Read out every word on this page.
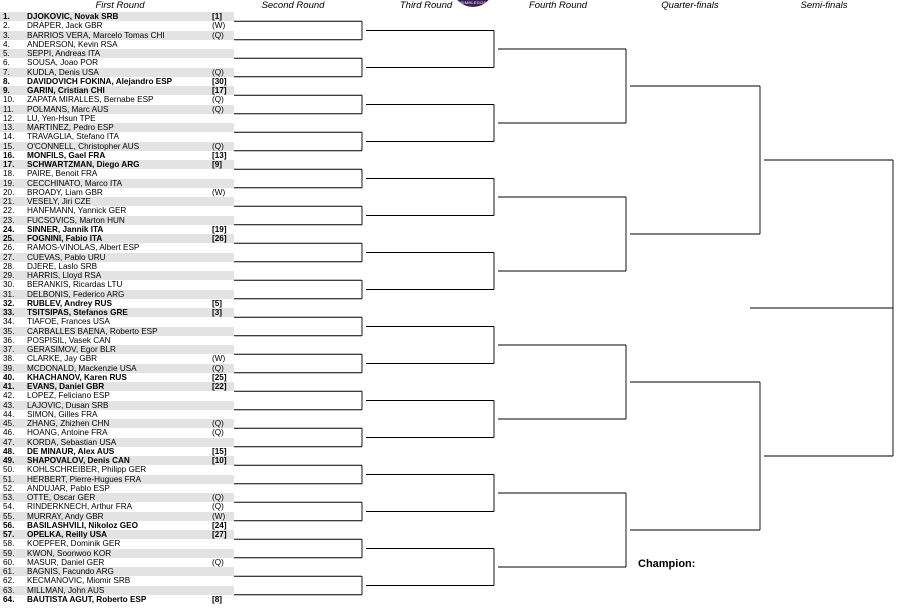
WIMBLEDON
First Round	Second Round	Third Round	Fourth Round	Quarter-finals	Semi-finals
1. DJOKOVIC, Novak SRB	[1]
2. DRAPER, Jack GBR	(W)
3. BARRIOS VERA, Marcelo Tomas CHI	(Q)
4. ANDERSON, Kevin RSA
5. SEPPI, Andreas ITA
6. SOUSA, Joao POR
7. KUDLA, Denis USA	(Q)
8. DAVIDOVICH FOKINA, Alejandro ESP	[30]
9. GARIN, Cristian CHI	[17]
10. ZAPATA MIRALLES, Bernabe ESP	(Q)
11. POLMANS, Marc AUS	(Q)
12. LU, Yen-Hsun TPE
13. MARTINEZ, Pedro ESP
14. TRAVAGLIA, Stefano ITA
15. O'CONNELL, Christopher AUS	(Q)
16. MONFILS, Gael FRA	[13]
17. SCHWARTZMAN, Diego ARG	[9]
18. PAIRE, Benoit FRA
19. CECCHINATO, Marco ITA
20. BROADY, Liam GBR	(W)
21. VESELY, Jiri CZE
22. HANFMANN, Yannick GER
23. FUCSOVICS, Marton HUN
24. SINNER, Jannik ITA	[19]
25. FOGNINI, Fabio ITA	[26]
26. RAMOS-VINOLAS, Albert ESP
27. CUEVAS, Pablo URU
28. DJERE, Laslo SRB
29. HARRIS, Lloyd RSA
30. BERANKIS, Ricardas LTU
31. DELBONIS, Federico ARG
32. RUBLEV, Andrey RUS	[5]
33. TSITSIPAS, Stefanos GRE	[3]
34. TIAFOE, Frances USA
35. CARBALLES BAENA, Roberto ESP
36. POSPISIL, Vasek CAN
37. GERASIMOV, Egor BLR
38. CLARKE, Jay GBR	(W)
39. MCDONALD, Mackenzie USA	(Q)
40. KHACHANOV, Karen RUS	[25]
41. EVANS, Daniel GBR	[22]
42. LOPEZ, Feliciano ESP
43. LAJOVIC, Dusan SRB
44. SIMON, Gilles FRA
45. ZHANG, Zhizhen CHN	(Q)
46. HOANG, Antoine FRA	(Q)
47. KORDA, Sebastian USA
48. DE MINAUR, Alex AUS	[15]
49. SHAPOVALOV, Denis CAN	[10]
50. KOHLSCHREIBER, Philipp GER
51. HERBERT, Pierre-Hugues FRA
52. ANDUJAR, Pablo ESP
53. OTTE, Oscar GER	(Q)
54. RINDERKNECH, Arthur FRA	(Q)
55. MURRAY, Andy GBR	(W)
56. BASILASHVILI, Nikoloz GEO	[24]
57. OPELKA, Reilly USA	[27]
58. KOEPFER, Dominik GER
59. KWON, Soonwoo KOR
60. MASUR, Daniel GER	(Q)
61. BAGNIS, Facundo ARG
62. KECMANOVIC, Miomir SRB
63. MILLMAN, John AUS
64. BAUTISTA AGUT, Roberto ESP	[8]
Champion:
